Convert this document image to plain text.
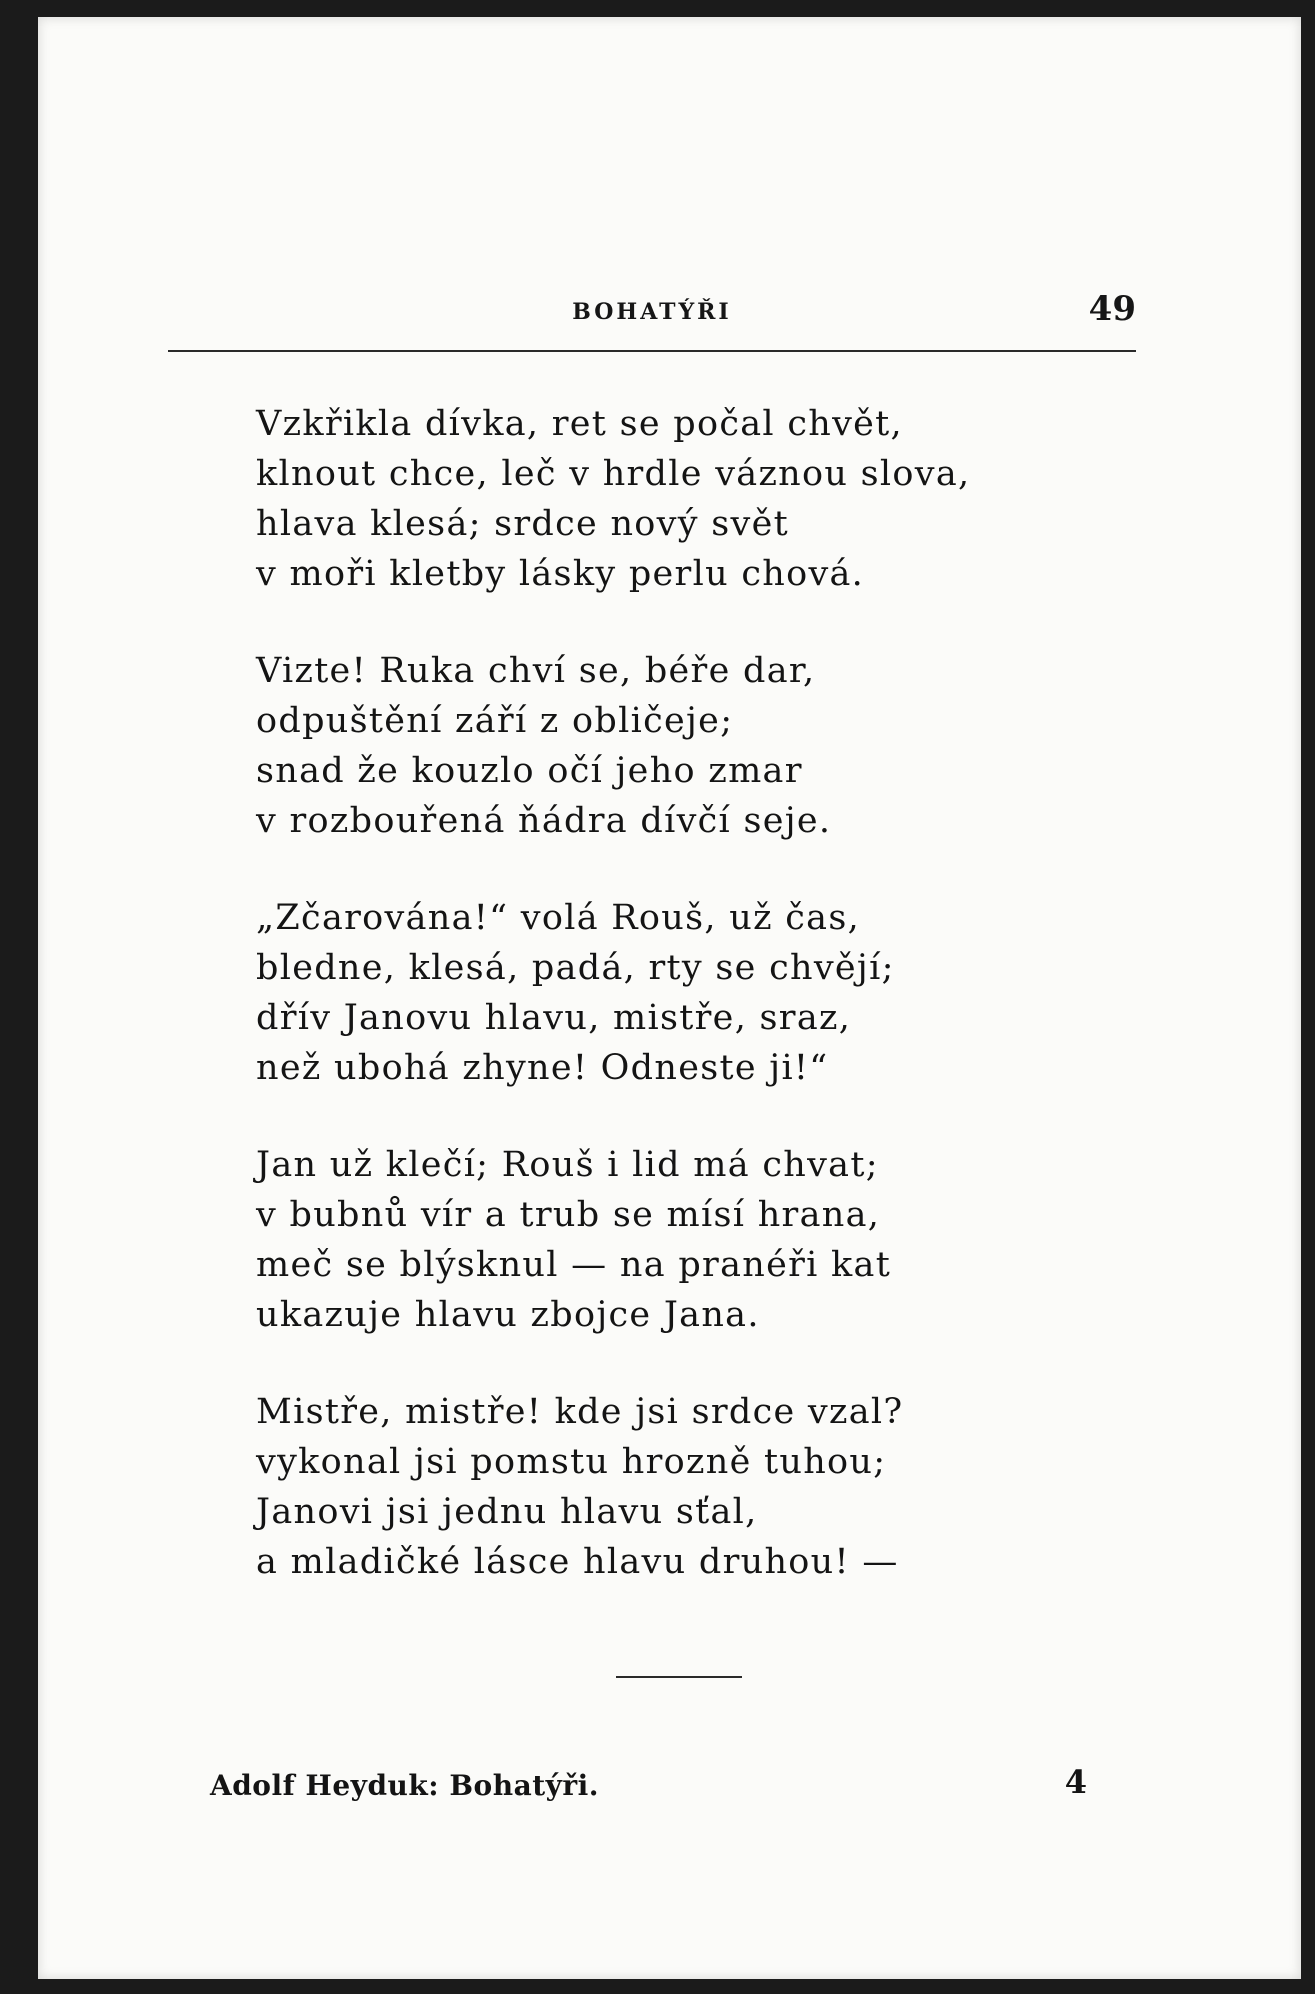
BOHATÝŘI	49
Vzkřikla dívka, ret se počal chvět,
klnout chce, leč v hrdle váznou slova,
hlava klesá; srdce nový svět
v moři kletby lásky perlu chová.
Vizte! Ruka chví se, béře dar,
odpuštění září z obličeje;
snad že kouzlo očí jeho zmar
v rozbouřená ňádra dívčí seje.
„Zčarována!“ volá Rouš, už čas,
bledne, klesá, padá, rty se chvějí;
dřív Janovu hlavu, mistře, sraz,
než ubohá zhyne! Odneste ji!“
Jan už klečí; Rouš i lid má chvat;
v bubnů vír a trub se mísí hrana,
meč se blýsknul — na pranéři kat
ukazuje hlavu zbojce Jana.
Mistře, mistře! kde jsi srdce vzal?
vykonal jsi pomstu hrozně tuhou;
Janovi jsi jednu hlavu sťal,
a mladičké lásce hlavu druhou! —
Adolf Heyduk: Bohatýři.	4
